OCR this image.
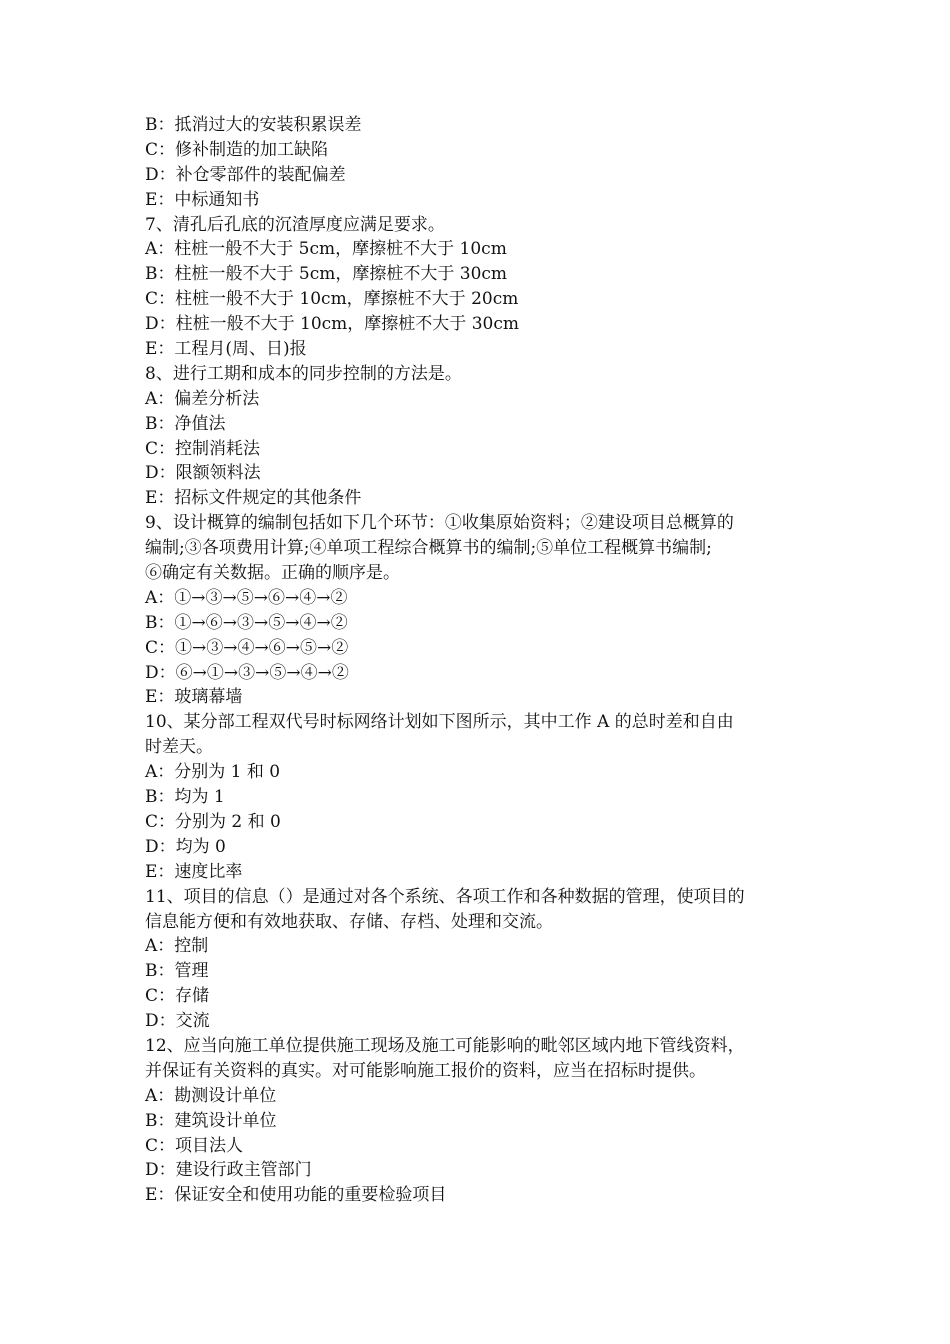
B：抵消过大的安装积累误差
C：修补制造的加工缺陷
D：补仓零部件的装配偏差
E：中标通知书
7、清孔后孔底的沉渣厚度应满足要求。
A：柱桩一般不大于 5cm，摩擦桩不大于 10cm
B：柱桩一般不大于 5cm，摩擦桩不大于 30cm
C：柱桩一般不大于 10cm，摩擦桩不大于 20cm
D：柱桩一般不大于 10cm，摩擦桩不大于 30cm
E：工程月(周、日)报
8、进行工期和成本的同步控制的方法是。
A：偏差分析法
B：净值法
C：控制消耗法
D：限额领料法
E：招标文件规定的其他条件
9、设计概算的编制包括如下几个环节：①收集原始资料；②建设项目总概算的
编制;③各项费用计算;④单项工程综合概算书的编制;⑤单位工程概算书编制;
⑥确定有关数据。正确的顺序是。
A：①→③→⑤→⑥→④→②
B：①→⑥→③→⑤→④→②
C：①→③→④→⑥→⑤→②
D：⑥→①→③→⑤→④→②
E：玻璃幕墙
10、某分部工程双代号时标网络计划如下图所示，其中工作 A 的总时差和自由
时差天。
A：分别为 1 和 0
B：均为 1
C：分别为 2 和 0
D：均为 0
E：速度比率
11、项目的信息（）是通过对各个系统、各项工作和各种数据的管理，使项目的
信息能方便和有效地获取、存储、存档、处理和交流。
A：控制
B：管理
C：存储
D：交流
12、应当向施工单位提供施工现场及施工可能影响的毗邻区域内地下管线资料，
并保证有关资料的真实。对可能影响施工报价的资料，应当在招标时提供。
A：勘测设计单位
B：建筑设计单位
C：项目法人
D：建设行政主管部门
E：保证安全和使用功能的重要检验项目
